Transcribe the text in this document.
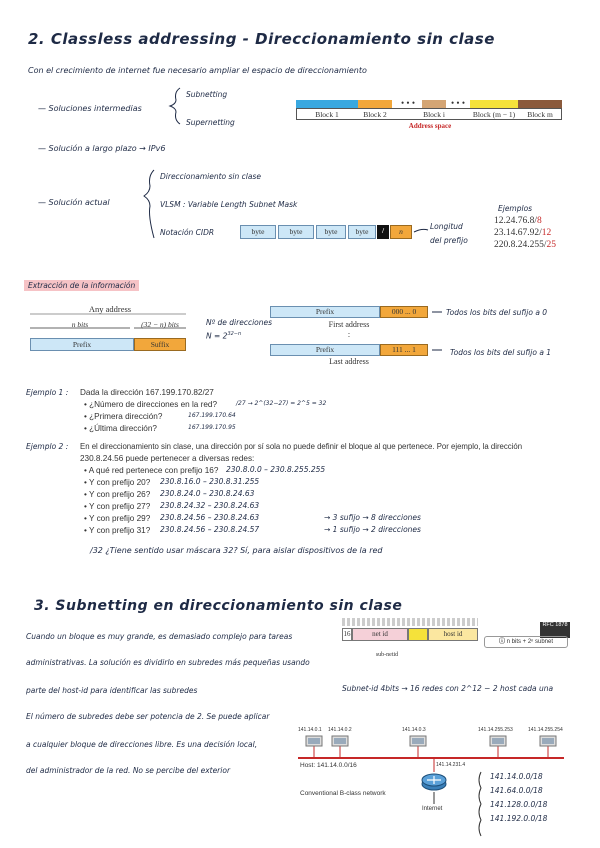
2. Classless addressing - Direccionamiento sin clase
Con el crecimiento de internet fue necesario ampliar el espacio de direccionamiento
— Soluciones intermedias
Subnetting
Supernetting
Block 1	Block 2
• • •
Block i
• • •
Block (m − 1)	Block m
Address space
— Solución a largo plazo → IPv6
— Solución actual
Direccionamiento sin clase
VLSM : Variable Length Subnet Mask
Notación CIDR	byte	byte	byte	byte	/	n
Longitud
del prefijo
Ejemplos
12.24.76.8/8
23.14.67.92/12
220.8.24.255/25
Extracción de la información
Any address
n bits	(32 − n) bits
Prefix	Suffix
Nº de direcciones
$N = 2^{32-n}$
Prefix	000 ... 0
First address
:
Prefix	111 ... 1
Last address
Todos los bits del sufijo a 0
Todos los bits del sufijo a 1
Ejemplo 1 : Dada la dirección 167.199.170.82/27
• ¿Número de direcciones en la red?
• ¿Primera dirección?
• ¿Última dirección?
/27 → 2^(32−27) = 2^5 = 32
167.199.170.64
167.199.170.95
Ejemplo 2 : En el direccionamiento sin clase, una dirección por sí sola no puede definir el bloque al que pertenece. Por ejemplo, la dirección
230.8.24.56 puede pertenecer a diversas redes:
• A qué red pertenece con prefijo 16? 230.8.0.0 – 230.8.255.255
• Y con prefijo 20? 230.8.16.0 – 230.8.31.255
• Y con prefijo 26? 230.8.24.0 – 230.8.24.63
• Y con prefijo 27? 230.8.24.32 – 230.8.24.63
• Y con prefijo 29? 230.8.24.56 – 230.8.24.63	→ 3 sufijo → 8 direcciones
• Y con prefijo 31? 230.8.24.56 – 230.8.24.57	→ 1 sufijo → 2 direcciones
/32 ¿Tiene sentido usar máscara 32? Sí, para aislar dispositivos de la red
3. Subnetting en direccionamiento sin clase
Cuando un bloque es muy grande, es demasiado complejo para tareas
administrativas. La solución es dividirlo en subredes más pequeñas usando
parte del host-id para identificar las subredes
El número de subredes debe ser potencia de 2. Se puede aplicar
a cualquier bloque de direcciones libre. Es una decisión local,
del administrador de la red. No se percibe del exterior
16	net id	host id
sub-netid
RFC 1878
ⓘ n bits + 2ⁿ subnet
Subnet-id 4bits → 16 redes con 2^12 − 2 host cada una
141.14.0.1 141.14.0.2	141.14.0.3	141.14.255.253	141.14.255.254
Host: 141.14.0.0/16	141.14.231.4
Conventional B-class network
Internet
141.14.0.0/18
141.64.0.0/18
141.128.0.0/18
141.192.0.0/18
